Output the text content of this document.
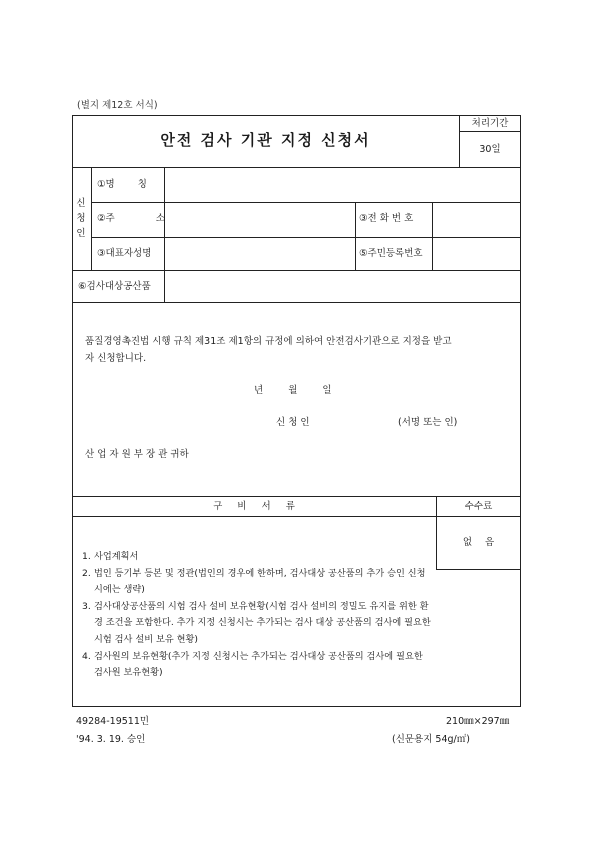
(별지 제12호 서식)
안전 검사 기관 지정 신청서
처리기간
30일
신
청
인
①명 칭
②주 소	③전 화 번 호
③대표자성명	⑤주민등록번호
⑥검사대상공산품
품질경영촉진법 시행 규칙 제31조 제1항의 규정에 의하여 안전검사기관으로 지정을 받고
자 신청합니다.
년 월 일
신 청 인	(서명 또는 인)
산 업 자 원 부 장 관 귀하
구 비 서 류	수수료
없 음
1. 사업계획서
2. 법인 등기부 등본 및 정관(법인의 경우에 한하며, 검사대상 공산품의 추가 승인 신청시에는 생략)
3. 검사대상공산품의 시험 검사 설비 보유현황(시험 검사 설비의 정밀도 유지를 위한 환경 조건을 포함한다. 추가 지정 신청시는 추가되는 검사 대상 공산품의 검사에 필요한 시험 검사 설비 보유 현황)
4. 검사원의 보유현황(추가 지정 신청시는 추가되는 검사대상 공산품의 검사에 필요한 검사원 보유현황)
49284-19511민
'94. 3. 19. 승인
210㎜×297㎜
(신문용지 54g/㎡)
